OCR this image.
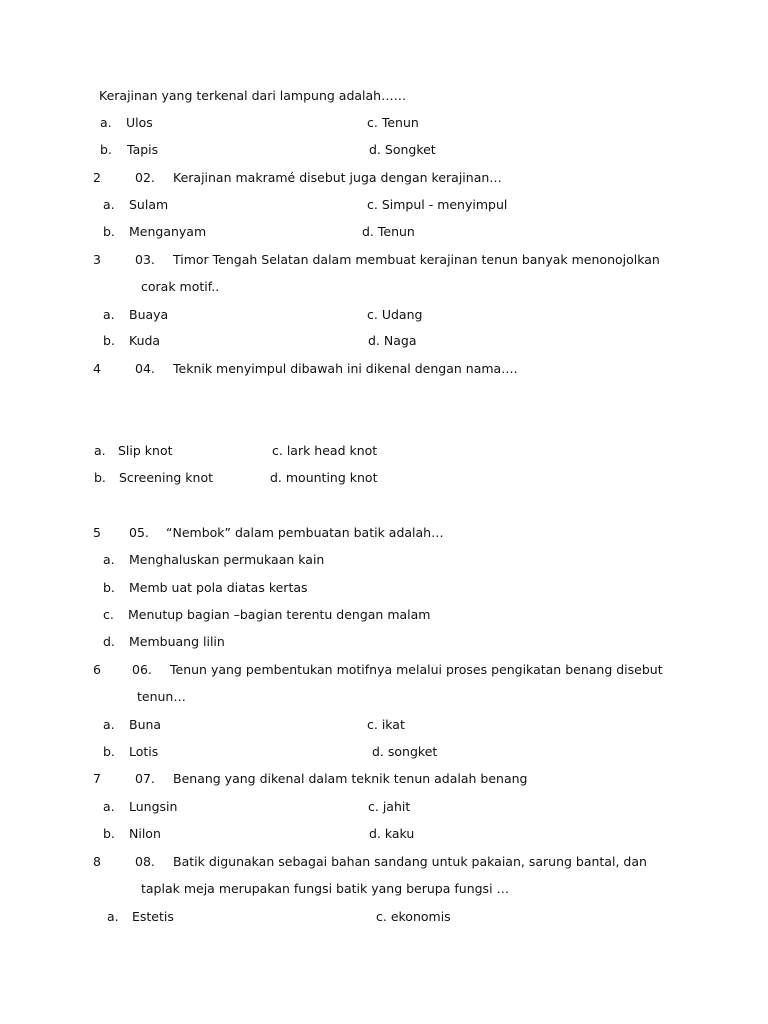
Kerajinan yang terkenal dari lampung adalah……
a. Ulos	c. Tenun
b. Tapis	d. Songket
2	02. Kerajinan makramé disebut juga dengan kerajinan…
a. Sulam	c. Simpul - menyimpul
b. Menganyam	d. Tenun
3	03. Timor Tengah Selatan dalam membuat kerajinan tenun banyak menonojolkan
corak motif..
a. Buaya	c. Udang
b. Kuda	d. Naga
4	04. Teknik menyimpul dibawah ini dikenal dengan nama….
a. Slip knot	c. lark head knot
b. Screening knot	d. mounting knot
5 05. “Nembok” dalam pembuatan batik adalah…
a. Menghaluskan permukaan kain
b. Memb uat pola diatas kertas
c. Menutup bagian –bagian terentu dengan malam
d. Membuang lilin
6 06. Tenun yang pembentukan motifnya melalui proses pengikatan benang disebut
tenun…
a. Buna	c. ikat
b. Lotis	d. songket
7	07. Benang yang dikenal dalam teknik tenun adalah benang
a. Lungsin	c. jahit
b. Nilon	d. kaku
8	08. Batik digunakan sebagai bahan sandang untuk pakaian, sarung bantal, dan
taplak meja merupakan fungsi batik yang berupa fungsi …
a. Estetis	c. ekonomis
